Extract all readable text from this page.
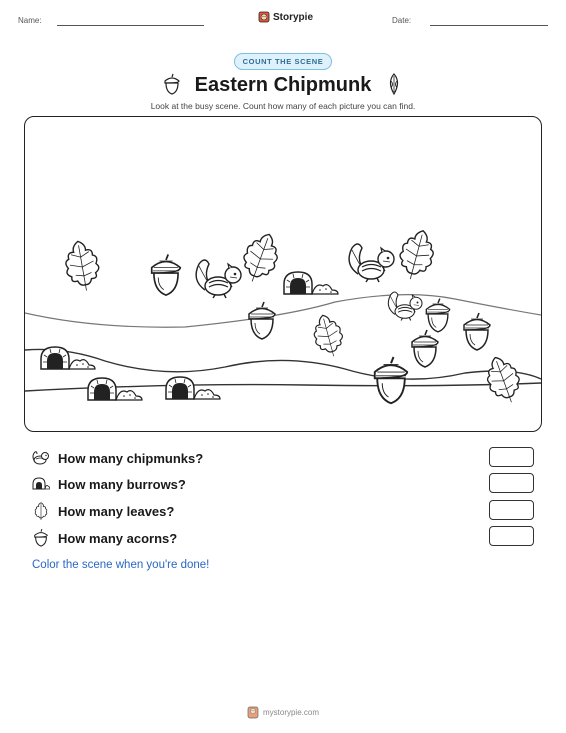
Name:	Storypie	Date:
COUNT THE SCENE
Eastern Chipmunk
Look at the busy scene. Count how many of each picture you can find.
How many chipmunks?
How many burrows?
How many leaves?
How many acorns?
Color the scene when you're done!
mystorypie.com
